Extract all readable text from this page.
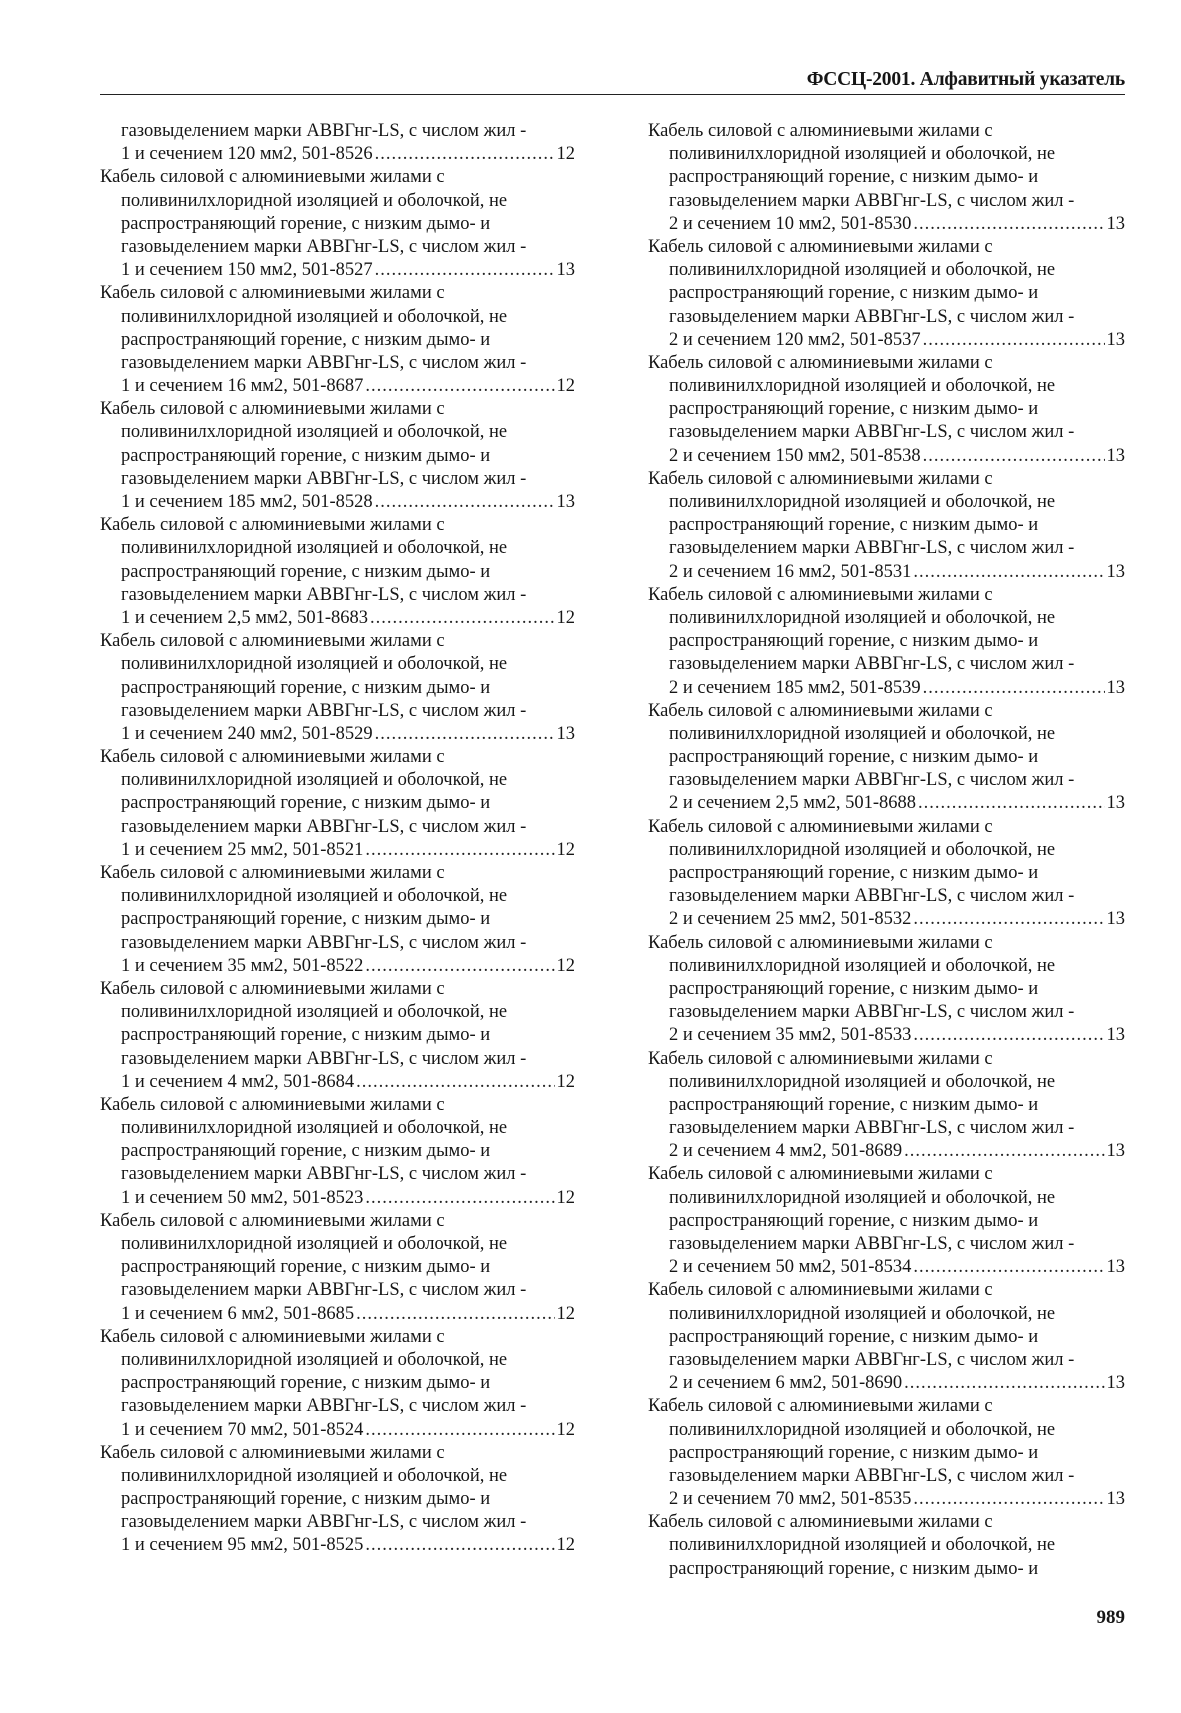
ФССЦ-2001. Алфавитный указатель
газовыделением марки АВВГнг-LS, с числом жил -
1 и сечением 120 мм2, 501-8526 .....	12
Кабель силовой с алюминиевыми жилами с
поливинилхлоридной изоляцией и оболочкой, не
распространяющий горение, с низким дымо- и
газовыделением марки АВВГнг-LS, с числом жил -
1 и сечением 150 мм2, 501-8527 .....	13
Кабель силовой с алюминиевыми жилами с
поливинилхлоридной изоляцией и оболочкой, не
распространяющий горение, с низким дымо- и
газовыделением марки АВВГнг-LS, с числом жил -
1 и сечением 16 мм2, 501-8687 .....	12
Кабель силовой с алюминиевыми жилами с
поливинилхлоридной изоляцией и оболочкой, не
распространяющий горение, с низким дымо- и
газовыделением марки АВВГнг-LS, с числом жил -
1 и сечением 185 мм2, 501-8528 .....	13
Кабель силовой с алюминиевыми жилами с
поливинилхлоридной изоляцией и оболочкой, не
распространяющий горение, с низким дымо- и
газовыделением марки АВВГнг-LS, с числом жил -
1 и сечением 2,5 мм2, 501-8683 .....	12
Кабель силовой с алюминиевыми жилами с
поливинилхлоридной изоляцией и оболочкой, не
распространяющий горение, с низким дымо- и
газовыделением марки АВВГнг-LS, с числом жил -
1 и сечением 240 мм2, 501-8529 .....	13
Кабель силовой с алюминиевыми жилами с
поливинилхлоридной изоляцией и оболочкой, не
распространяющий горение, с низким дымо- и
газовыделением марки АВВГнг-LS, с числом жил -
1 и сечением 25 мм2, 501-8521 .....	12
Кабель силовой с алюминиевыми жилами с
поливинилхлоридной изоляцией и оболочкой, не
распространяющий горение, с низким дымо- и
газовыделением марки АВВГнг-LS, с числом жил -
1 и сечением 35 мм2, 501-8522 .....	12
Кабель силовой с алюминиевыми жилами с
поливинилхлоридной изоляцией и оболочкой, не
распространяющий горение, с низким дымо- и
газовыделением марки АВВГнг-LS, с числом жил -
1 и сечением 4 мм2, 501-8684 .....	12
Кабель силовой с алюминиевыми жилами с
поливинилхлоридной изоляцией и оболочкой, не
распространяющий горение, с низким дымо- и
газовыделением марки АВВГнг-LS, с числом жил -
1 и сечением 50 мм2, 501-8523 .....	12
Кабель силовой с алюминиевыми жилами с
поливинилхлоридной изоляцией и оболочкой, не
распространяющий горение, с низким дымо- и
газовыделением марки АВВГнг-LS, с числом жил -
1 и сечением 6 мм2, 501-8685 .....	12
Кабель силовой с алюминиевыми жилами с
поливинилхлоридной изоляцией и оболочкой, не
распространяющий горение, с низким дымо- и
газовыделением марки АВВГнг-LS, с числом жил -
1 и сечением 70 мм2, 501-8524 .....	12
Кабель силовой с алюминиевыми жилами с
поливинилхлоридной изоляцией и оболочкой, не
распространяющий горение, с низким дымо- и
газовыделением марки АВВГнг-LS, с числом жил -
1 и сечением 95 мм2, 501-8525 .....	12
Кабель силовой с алюминиевыми жилами с
поливинилхлоридной изоляцией и оболочкой, не
распространяющий горение, с низким дымо- и
газовыделением марки АВВГнг-LS, с числом жил -
2 и сечением 10 мм2, 501-8530 .....	13
Кабель силовой с алюминиевыми жилами с
поливинилхлоридной изоляцией и оболочкой, не
распространяющий горение, с низким дымо- и
газовыделением марки АВВГнг-LS, с числом жил -
2 и сечением 120 мм2, 501-8537 .....	13
Кабель силовой с алюминиевыми жилами с
поливинилхлоридной изоляцией и оболочкой, не
распространяющий горение, с низким дымо- и
газовыделением марки АВВГнг-LS, с числом жил -
2 и сечением 150 мм2, 501-8538 .....	13
Кабель силовой с алюминиевыми жилами с
поливинилхлоридной изоляцией и оболочкой, не
распространяющий горение, с низким дымо- и
газовыделением марки АВВГнг-LS, с числом жил -
2 и сечением 16 мм2, 501-8531 .....	13
Кабель силовой с алюминиевыми жилами с
поливинилхлоридной изоляцией и оболочкой, не
распространяющий горение, с низким дымо- и
газовыделением марки АВВГнг-LS, с числом жил -
2 и сечением 185 мм2, 501-8539 .....	13
Кабель силовой с алюминиевыми жилами с
поливинилхлоридной изоляцией и оболочкой, не
распространяющий горение, с низким дымо- и
газовыделением марки АВВГнг-LS, с числом жил -
2 и сечением 2,5 мм2, 501-8688 .....	13
Кабель силовой с алюминиевыми жилами с
поливинилхлоридной изоляцией и оболочкой, не
распространяющий горение, с низким дымо- и
газовыделением марки АВВГнг-LS, с числом жил -
2 и сечением 25 мм2, 501-8532 .....	13
Кабель силовой с алюминиевыми жилами с
поливинилхлоридной изоляцией и оболочкой, не
распространяющий горение, с низким дымо- и
газовыделением марки АВВГнг-LS, с числом жил -
2 и сечением 35 мм2, 501-8533 .....	13
Кабель силовой с алюминиевыми жилами с
поливинилхлоридной изоляцией и оболочкой, не
распространяющий горение, с низким дымо- и
газовыделением марки АВВГнг-LS, с числом жил -
2 и сечением 4 мм2, 501-8689 .....	13
Кабель силовой с алюминиевыми жилами с
поливинилхлоридной изоляцией и оболочкой, не
распространяющий горение, с низким дымо- и
газовыделением марки АВВГнг-LS, с числом жил -
2 и сечением 50 мм2, 501-8534 .....	13
Кабель силовой с алюминиевыми жилами с
поливинилхлоридной изоляцией и оболочкой, не
распространяющий горение, с низким дымо- и
газовыделением марки АВВГнг-LS, с числом жил -
2 и сечением 6 мм2, 501-8690 .....	13
Кабель силовой с алюминиевыми жилами с
поливинилхлоридной изоляцией и оболочкой, не
распространяющий горение, с низким дымо- и
газовыделением марки АВВГнг-LS, с числом жил -
2 и сечением 70 мм2, 501-8535 .....	13
Кабель силовой с алюминиевыми жилами с
поливинилхлоридной изоляцией и оболочкой, не
распространяющий горение, с низким дымо- и
989
